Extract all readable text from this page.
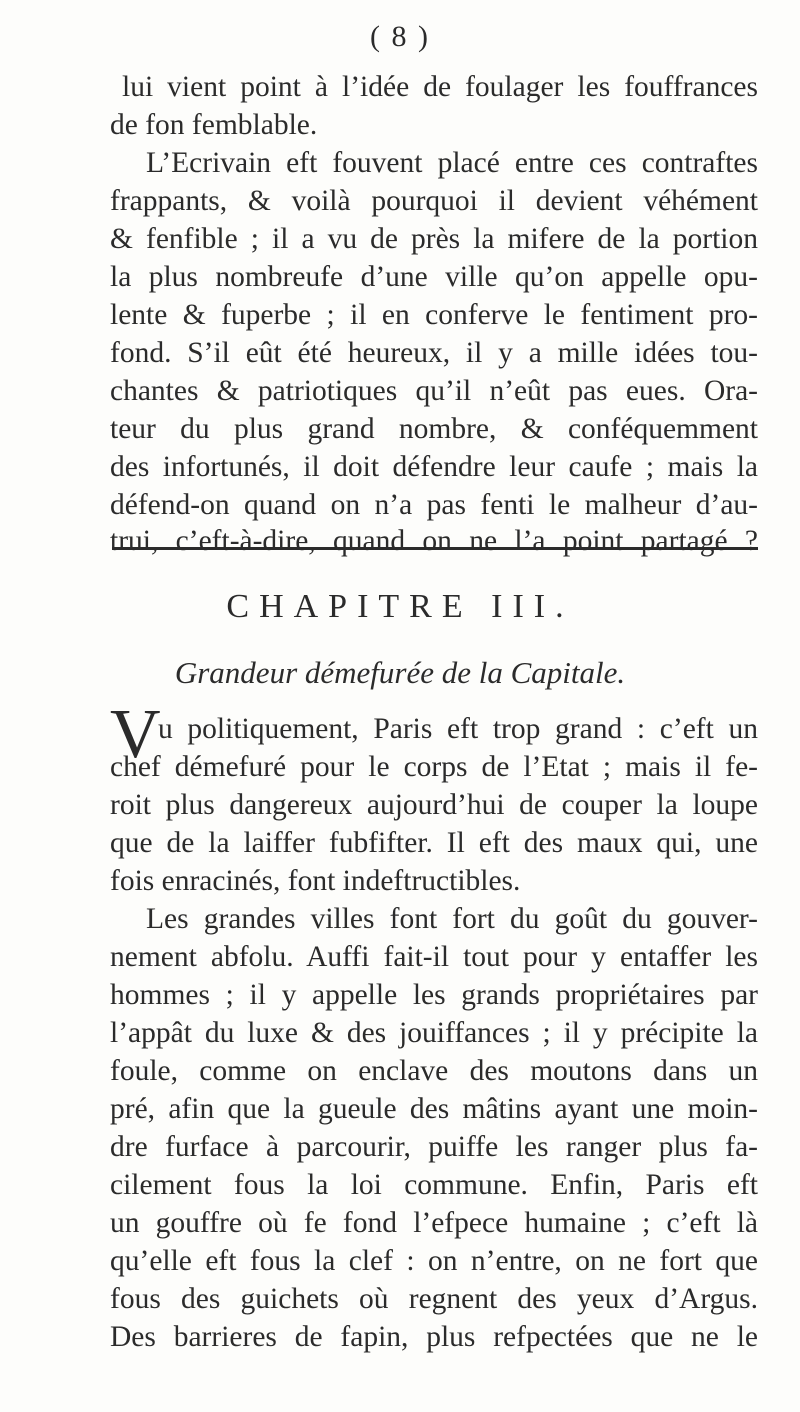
( 8 )
lui vient point à l’idée de foulager les fouffrances
de fon femblable.
L’Ecrivain eft fouvent placé entre ces contraftes
frappants, & voilà pourquoi il devient véhément
& fenfible ; il a vu de près la mifere de la portion
la plus nombreufe d’une ville qu’on appelle opu-
lente & fuperbe ; il en conferve le fentiment pro-
fond. S’il eût été heureux, il y a mille idées tou-
chantes & patriotiques qu’il n’eût pas eues. Ora-
teur du plus grand nombre, & conféquemment
des infortunés, il doit défendre leur caufe ; mais la
défend-on quand on n’a pas fenti le malheur d’au-
trui, c’eft-à-dire, quand on ne l’a point partagé ?
CHAPITRE III.
Grandeur démefurée de la Capitale.
V
u politiquement, Paris eft trop grand : c’eft un
chef démefuré pour le corps de l’Etat ; mais il fe-
roit plus dangereux aujourd’hui de couper la loupe
que de la laiffer fubfifter. Il eft des maux qui, une
fois enracinés, font indeftructibles.
Les grandes villes font fort du goût du gouver-
nement abfolu. Auffi fait-il tout pour y entaffer les
hommes ; il y appelle les grands propriétaires par
l’appât du luxe & des jouiffances ; il y précipite la
foule, comme on enclave des moutons dans un
pré, afin que la gueule des mâtins ayant une moin-
dre furface à parcourir, puiffe les ranger plus fa-
cilement fous la loi commune. Enfin, Paris eft
un gouffre où fe fond l’efpece humaine ; c’eft là
qu’elle eft fous la clef : on n’entre, on ne fort que
fous des guichets où regnent des yeux d’Argus.
Des barrieres de fapin, plus refpectées que ne le
